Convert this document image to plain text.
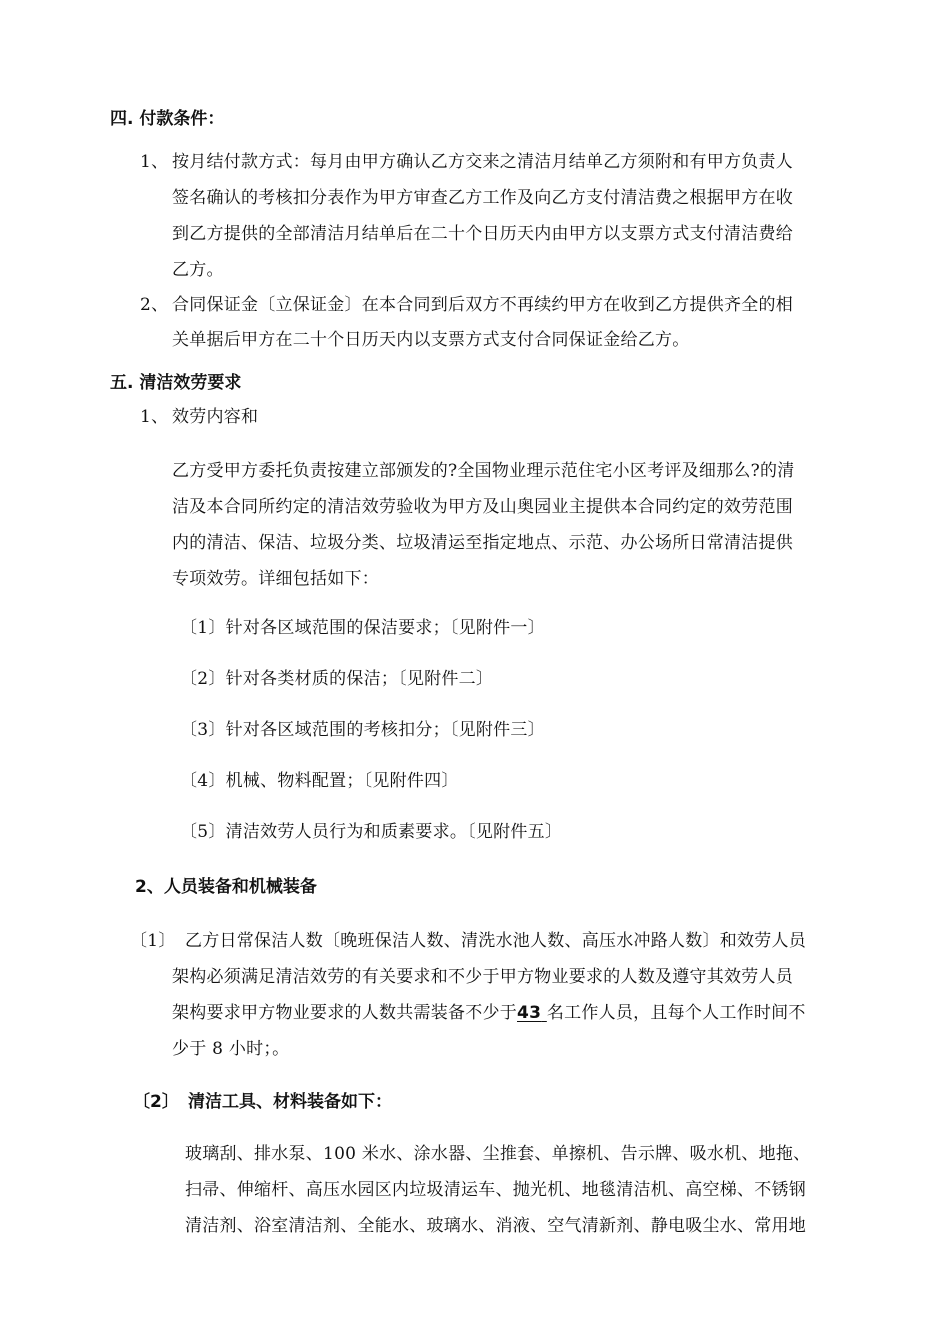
四. 付款条件：
1、 按月结付款方式：每月由甲方确认乙方交来之清洁月结单乙方须附和有甲方负责人
签名确认的考核扣分表作为甲方审查乙方工作及向乙方支付清洁费之根据甲方在收
到乙方提供的全部清洁月结单后在二十个日历天内由甲方以支票方式支付清洁费给
乙方。
2、 合同保证金〔立保证金〕在本合同到后双方不再续约甲方在收到乙方提供齐全的相
关单据后甲方在二十个日历天内以支票方式支付合同保证金给乙方。
五. 清洁效劳要求
1、 效劳内容和
乙方受甲方委托负责按建立部颁发的?全国物业理示范住宅小区考评及细那么?的清
洁及本合同所约定的清洁效劳验收为甲方及山奥园业主提供本合同约定的效劳范围
内的清洁、保洁、垃圾分类、垃圾清运至指定地点、示范、办公场所日常清洁提供
专项效劳。详细包括如下：
〔1〕针对各区域范围的保洁要求；〔见附件一〕
〔2〕针对各类材质的保洁；〔见附件二〕
〔3〕针对各区域范围的考核扣分；〔见附件三〕
〔4〕机械、物料配置；〔见附件四〕
〔5〕清洁效劳人员行为和质素要求。〔见附件五〕
2、人员装备和机械装备
〔1〕 乙方日常保洁人数〔晚班保洁人数、清洗水池人数、高压水冲路人数〕和效劳人员
架构必须满足清洁效劳的有关要求和不少于甲方物业要求的人数及遵守其效劳人员
架构要求甲方物业要求的人数共需装备不少于43 名工作人员，且每个人工作时间不
少于 8 小时；。
〔2〕 清洁工具、材料装备如下：
玻璃刮、排水泵、100 米水、涂水器、尘推套、单擦机、告示牌、吸水机、地拖、
扫帚、伸缩杆、高压水园区内垃圾清运车、抛光机、地毯清洁机、高空梯、不锈钢
清洁剂、浴室清洁剂、全能水、玻璃水、消液、空气清新剂、静电吸尘水、常用地
